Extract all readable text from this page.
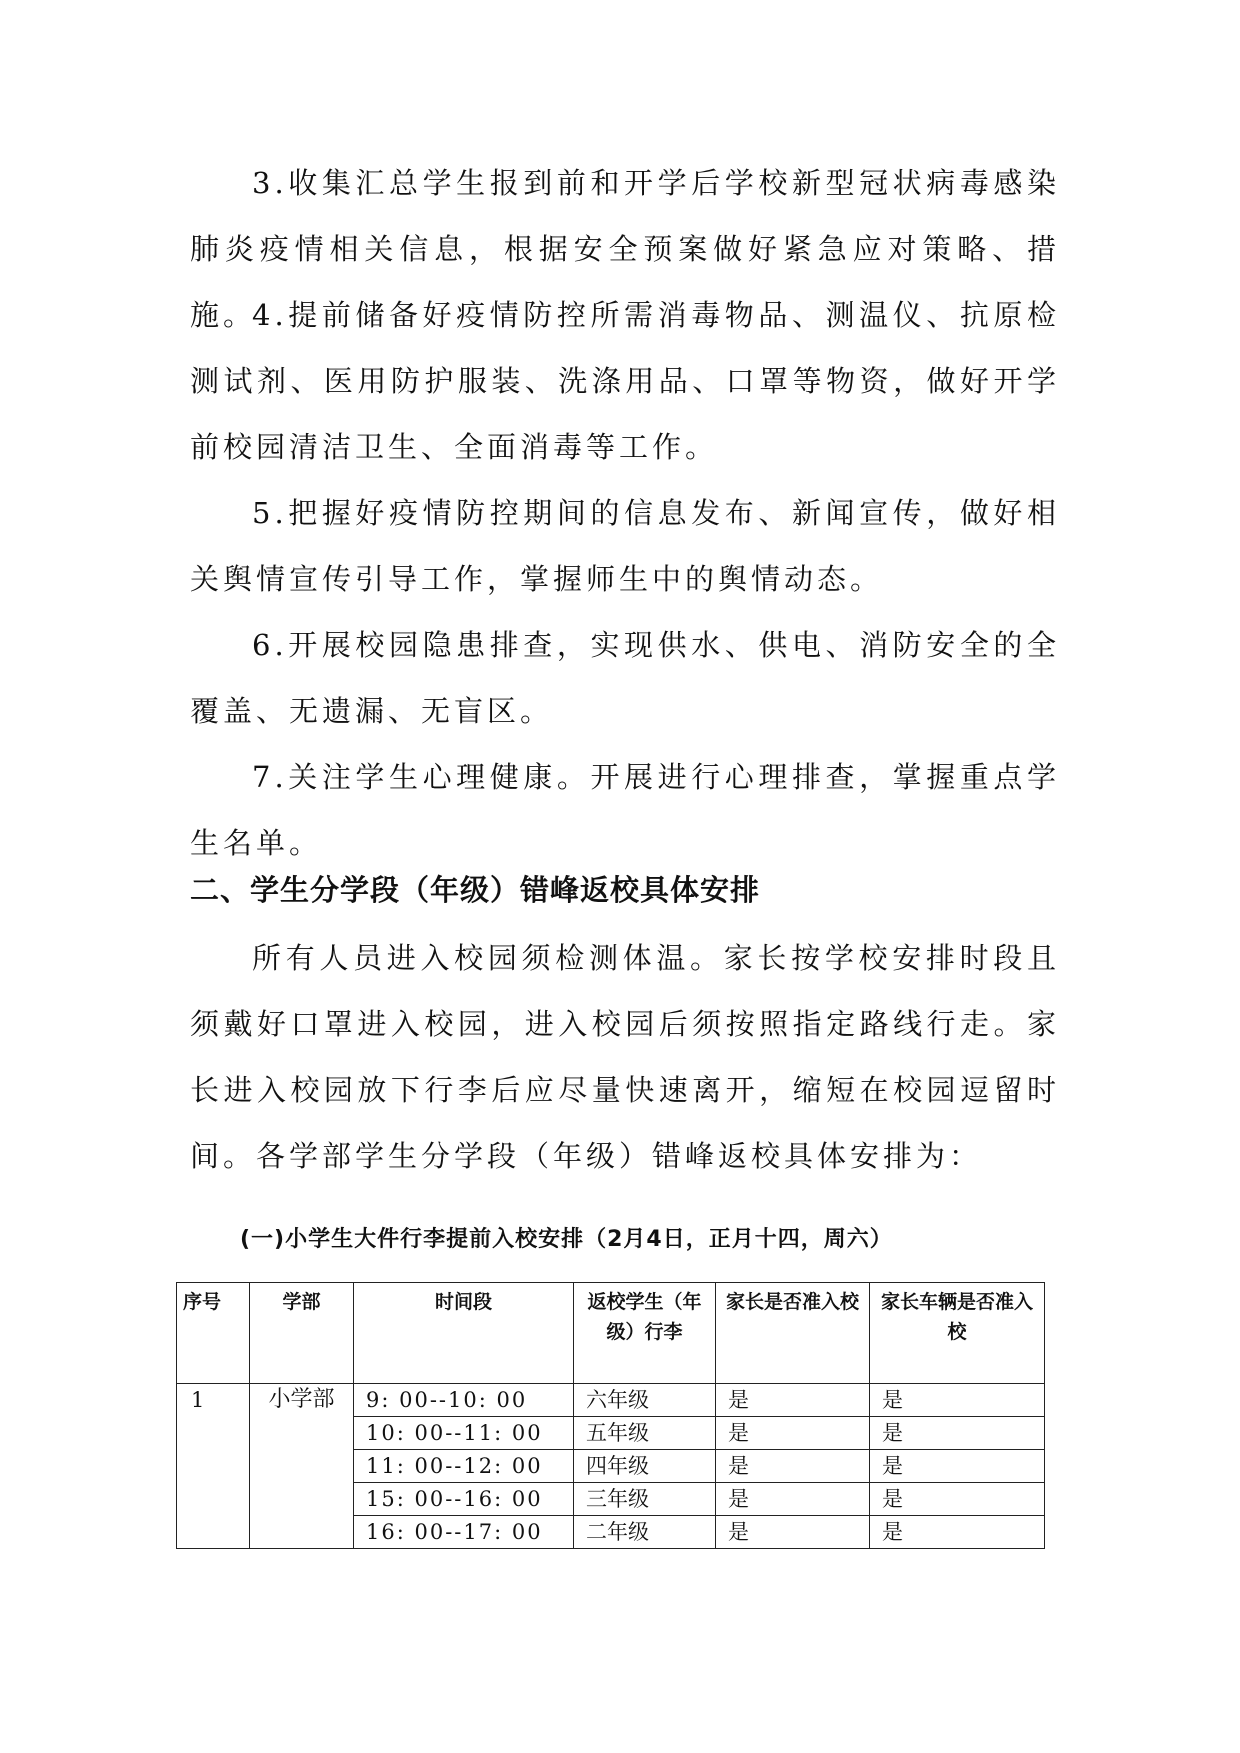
3.收集汇总学生报到前和开学后学校新型冠状病毒感染肺炎疫情相关信息，根据安全预案做好紧急应对策略、措施。

4.提前储备好疫情防控所需消毒物品、测温仪、抗原检测试剂、医用防护服装、洗涤用品、口罩等物资，做好开学前校园清洁卫生、全面消毒等工作。

5.把握好疫情防控期间的信息发布、新闻宣传，做好相关舆情宣传引导工作，掌握师生中的舆情动态。

6.开展校园隐患排查，实现供水、供电、消防安全的全覆盖、无遗漏、无盲区。

7.关注学生心理健康。开展进行心理排查，掌握重点学生名单。

二、学生分学段（年级）错峰返校具体安排

所有人员进入校园须检测体温。家长按学校安排时段且须戴好口罩进入校园，进入校园后须按照指定路线行走。家长进入校园放下行李后应尽量快速离开，缩短在校园逗留时间。各学部学生分学段（年级）错峰返校具体安排为：

(一)小学生大件行李提前入校安排（2月4日，正月十四，周六）
序号	学部	时间段	返校学生（年级）行李	家长是否准入校	家长车辆是否准入校
1	小学部	9: 00--10: 00	六年级	是	是
		10: 00--11: 00	五年级	是	是
		11: 00--12: 00	四年级	是	是
		15: 00--16: 00	三年级	是	是
		16: 00--17: 00	二年级	是	是
